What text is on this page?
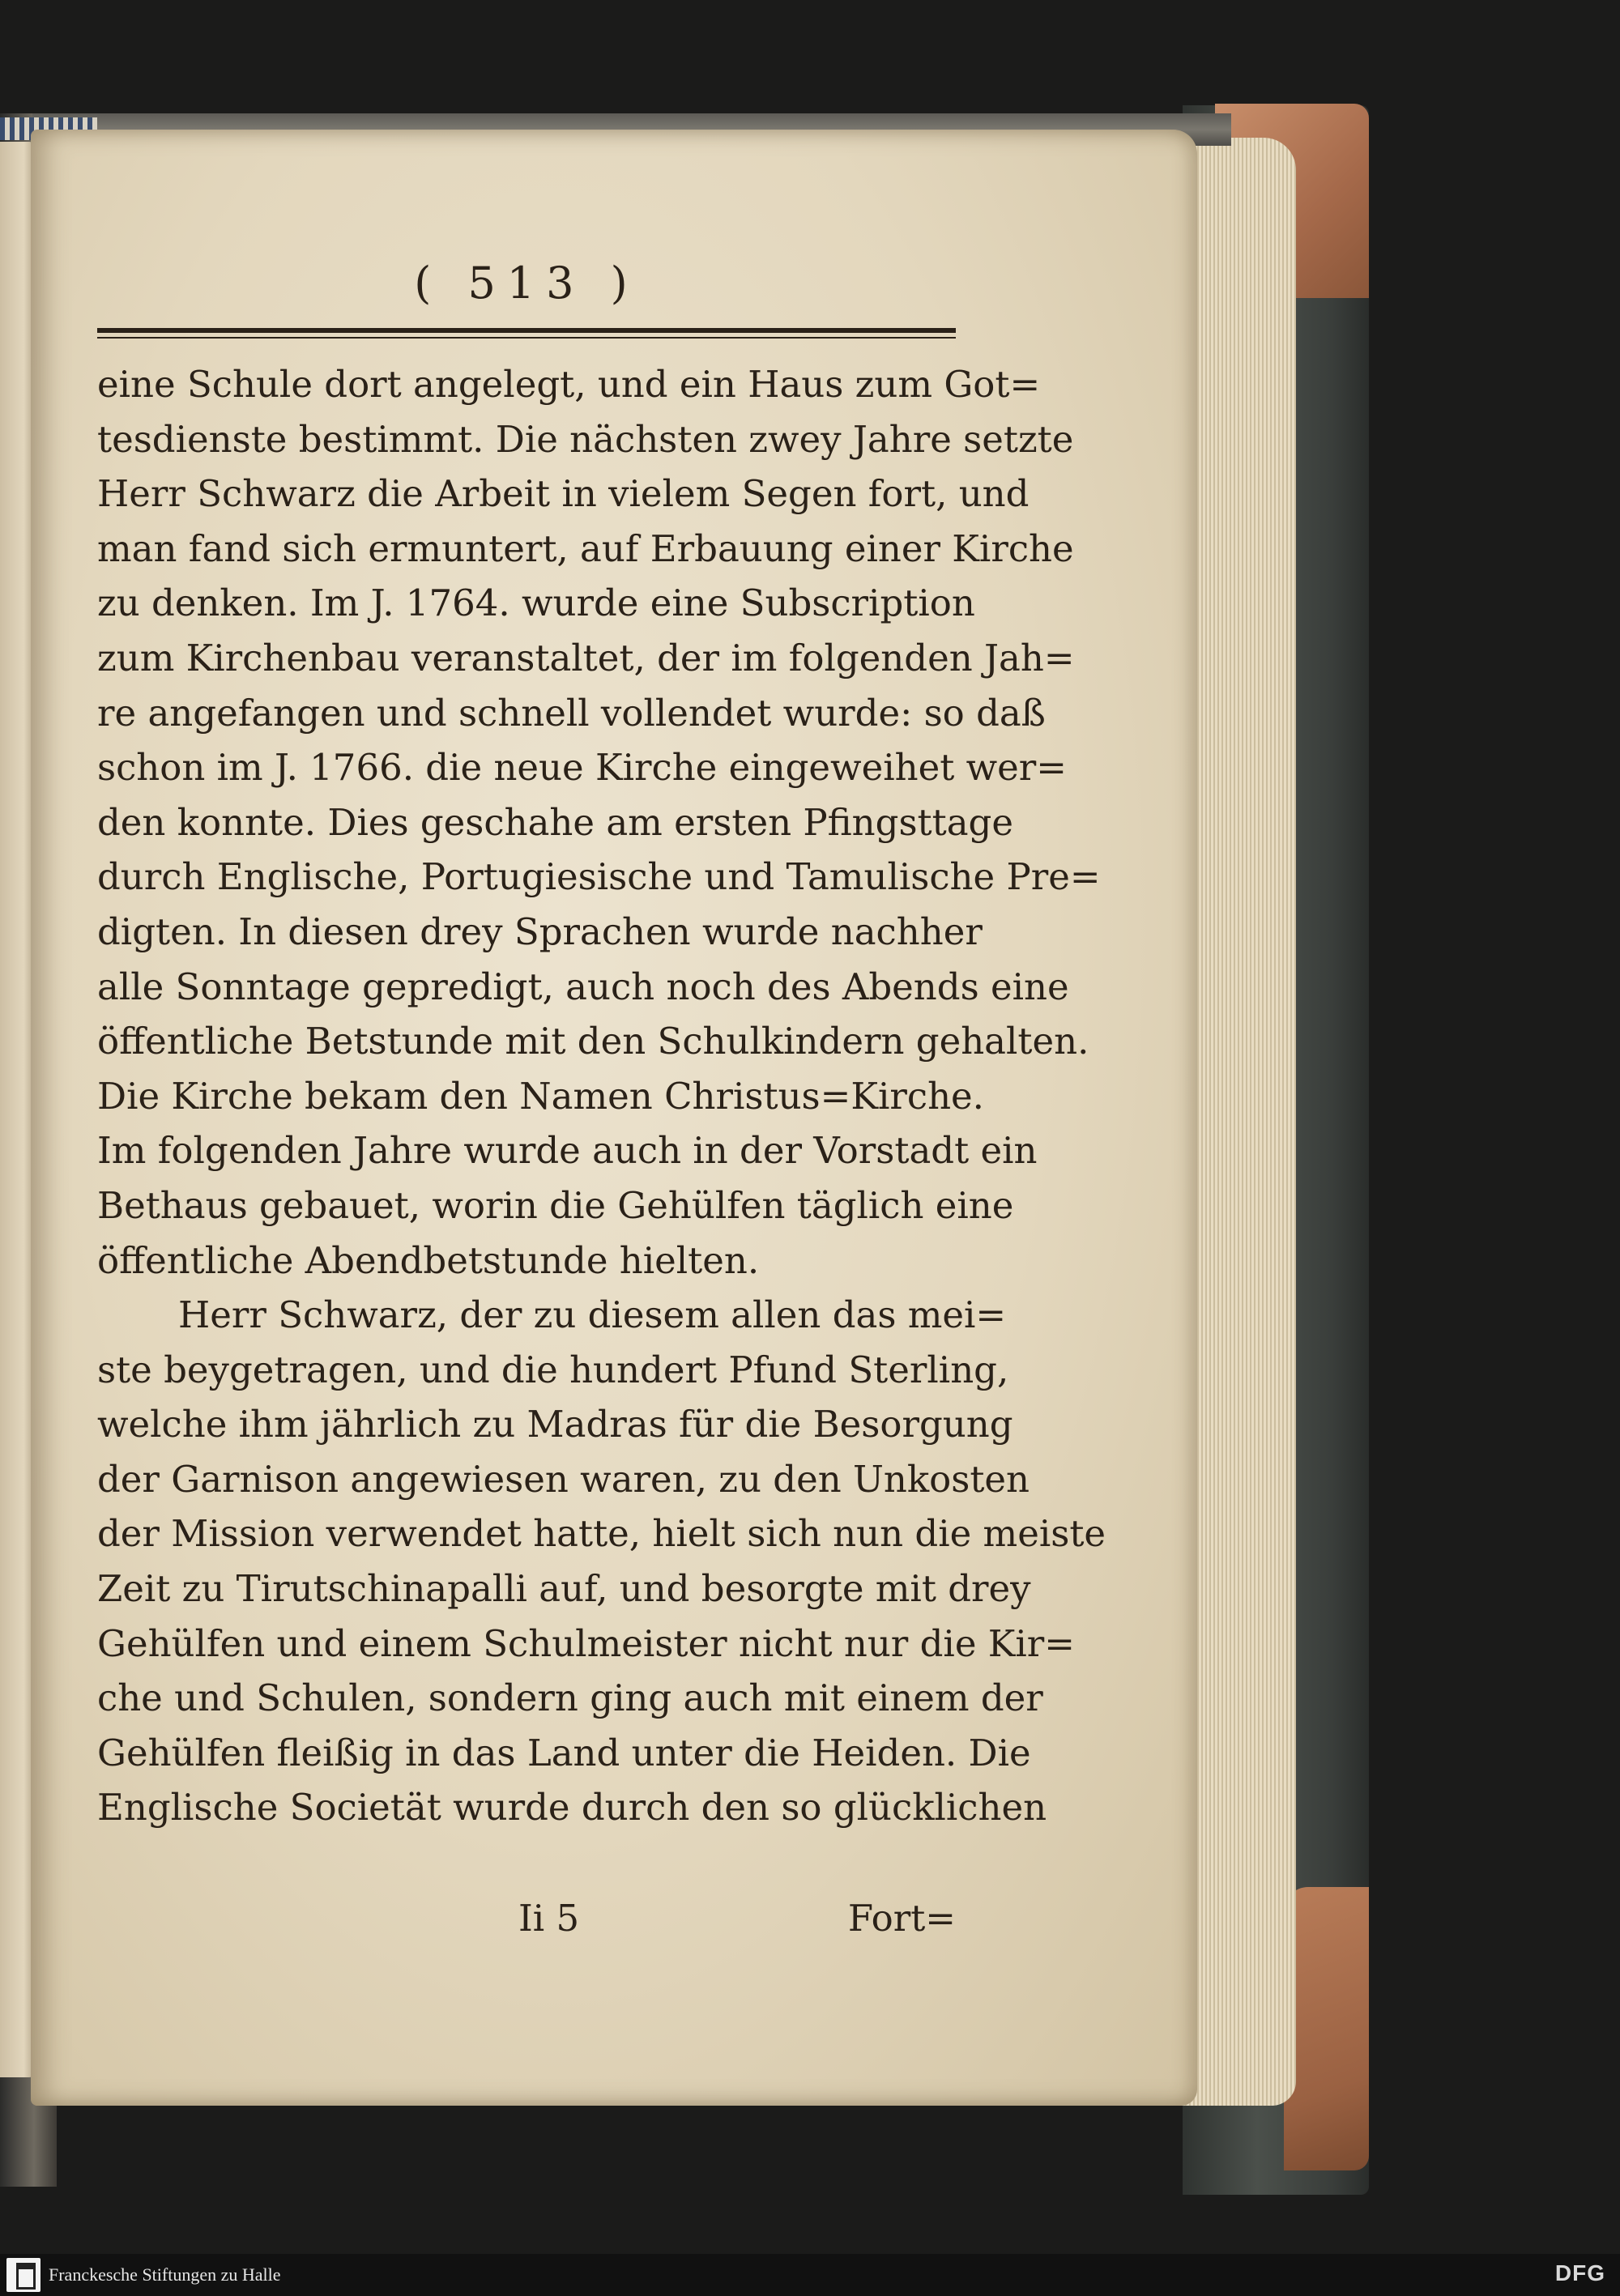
( 513 )
eine Schule dort angelegt, und ein Haus zum Got=
tesdienste bestimmt. Die nächsten zwey Jahre setzte
Herr Schwarz die Arbeit in vielem Segen fort, und
man fand sich ermuntert, auf Erbauung einer Kirche
zu denken. Im J. 1764. wurde eine Subscription
zum Kirchenbau veranstaltet, der im folgenden Jah=
re angefangen und schnell vollendet wurde: so daß
schon im J. 1766. die neue Kirche eingeweihet wer=
den konnte. Dies geschahe am ersten Pfingsttage
durch Englische, Portugiesische und Tamulische Pre=
digten. In diesen drey Sprachen wurde nachher
alle Sonntage gepredigt, auch noch des Abends eine
öffentliche Betstunde mit den Schulkindern gehalten.
Die Kirche bekam den Namen Christus=Kirche.
Im folgenden Jahre wurde auch in der Vorstadt ein
Bethaus gebauet, worin die Gehülfen täglich eine
öffentliche Abendbetstunde hielten.
Herr Schwarz, der zu diesem allen das mei=
ste beygetragen, und die hundert Pfund Sterling,
welche ihm jährlich zu Madras für die Besorgung
der Garnison angewiesen waren, zu den Unkosten
der Mission verwendet hatte, hielt sich nun die meiste
Zeit zu Tirutschinapalli auf, und besorgte mit drey
Gehülfen und einem Schulmeister nicht nur die Kir=
che und Schulen, sondern ging auch mit einem der
Gehülfen fleißig in das Land unter die Heiden. Die
Englische Societät wurde durch den so glücklichen
Ii 5	Fort=
Franckesche Stiftungen zu Halle	DFG
